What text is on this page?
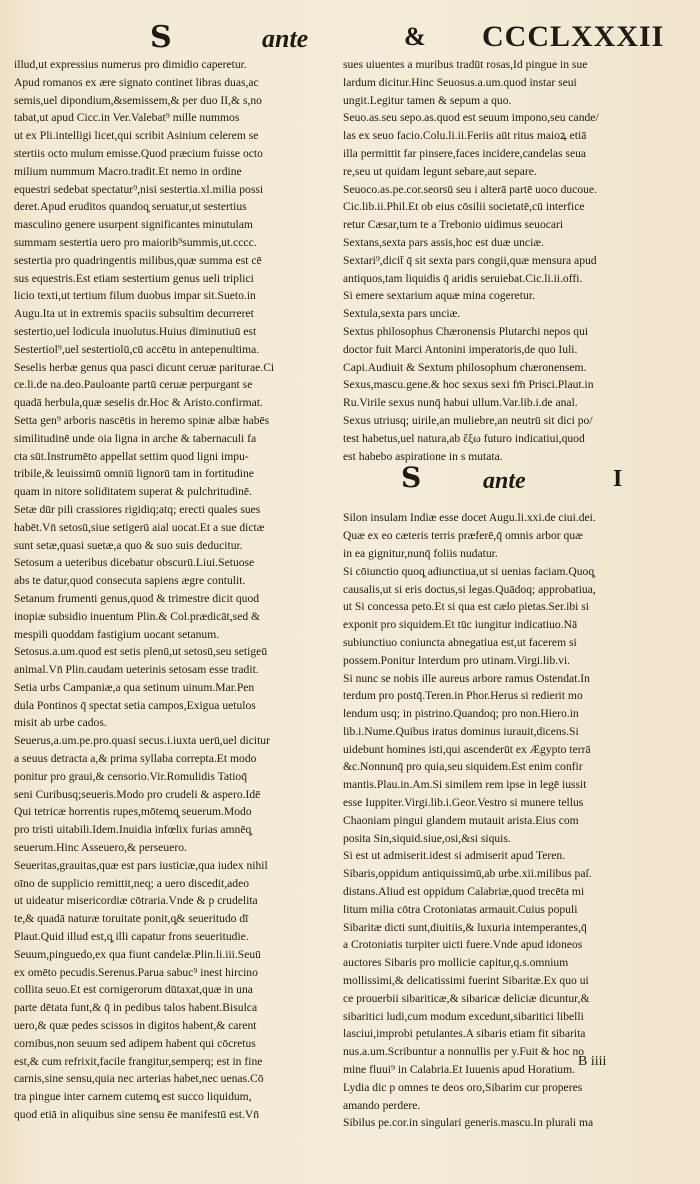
S	ante	& CCCLXXXII
illud,ut expressius numerus pro dimidio caperetur.
Apud romanos ex ære signato continet libras duas,ac
semis,uel dipondium,&semissem,& per duo II,& s,no
tabat,ut apud Cicc.in Ver.Valebat⁹ mille nummos
ut ex Pli.intelligi licet,qui scribit Asinium celerem se
stertiis octo mulum emisse.Quod præcium fuisse octo
milium nummum Macro.tradit.Et nemo in ordine
equestri sedebat spectatur⁹,nisi sestertia.xl.milia possi
deret.Apud eruditos quandoq̧ seruatur,ut sestertius
masculino genere usurpent significantes minutulam
summam sestertia uero pro maiorib⁹summis,ut.cccc.
sestertia pro quadringentis milibus,quæ summa est cē
sus equestris.Est etiam sestertium genus ueli triplici
licio texti,ut tertium filum duobus impar sit.Sueto.in
Augu.Ita ut in extremis spaciis subsultim decurreret
sestertio,uel lodicula inuolutus.Huius diminutiuū est
Sestertiol⁹,uel sestertiolū,cū accētu in antepenultima.
Seselis herbæ genus qua pasci dicunt ceruæ pariturae.Ci
ce.li.de na.deo.Pauloante partū ceruæ perpurgant se
quadā herbula,quæ seselis dr.Hoc & Aristo.confirmat.
Setta gen⁹ arboris nascētis in heremo spinæ albæ habēs
similitudinē unde oia ligna in arche & tabernaculi fa
cta sūt.Instrumēto appellat settim quod ligni impu-
tribile,& leuissimū omniū lignorū tam in fortitudine
quam in nitore soliditatem superat & pulchritudinē.
Setæ dūr pili crassiores rigidiq;atq; erecti quales sues
habēt.Vn̄ setosū,siue setigerū aial uocat.Et a sue dictæ
sunt setæ,quasi suetæ,a quo & suo suis deducitur.
Setosum a ueteribus dicebatur obscurū.Liui.Setuose
abs te datur,quod consecuta sapiens ægre contulit.
Setanum frumenti genus,quod & trimestre dicit quod
inopiæ subsidio inuentum Plin.& Col.prædicāt,sed &
mespili quoddam fastigium uocant setanum.
Setosus.a.um.quod est setis plenū,ut setosū,seu setigeū
animal.Vn̄ Plin.caudam ueterinis setosam esse tradit.
Setia urbs Campaniæ,a qua setinum uinum.Mar.Pen
dula Pontinos q̄ spectat setia campos,Exigua uetulos
misit ab urbe cados.
Seuerus,a.um.pe.pro.quasi secus.i.iuxta uerū,uel dicitur
a seuus detracta a,& prima syllaba correpta.Et modo
ponitur pro graui,& censorio.Vir.Romulidis Tatioq̄
seni Curibusq;seueris.Modo pro crudeli & aspero.Idē
Qui tetricæ horrentis rupes,mōtemq̧ seuerum.Modo
pro tristi uitabili.Idem.Inuidia infœlix furias amnēq̧
seuerum.Hinc Asseuero,& perseuero.
Seueritas,grauitas,quæ est pars iusticiæ,qua iudex nihil
oīno de supplicio remittit,neq; a uero discedit,adeo
ut uideatur misericordiæ cōtraria.Vnde & p crudelita
te,& quadā naturæ toruitate ponit,q̧& seueritudo dī
Plaut.Quid illud est,q̧ illi capatur frons seueritudie.
Seuum,pinguedo,ex qua fiunt candelæ.Plin.li.iii.Seuū
ex omēto pecudis.Serenus.Parua sabuc⁹ inest hircino
collita seuo.Et est cornigerorum dūtaxat,quæ in una
parte dētata funt,& q̄ in pedibus talos habent.Bisulca
uero,& quæ pedes scissos in digitos habent,& carent
cornibus,non seuum sed adipem habent qui cōcretus
est,& cum refrixit,facile frangitur,semperq; est in fine
carnis,sine sensu,quia nec arterias habet,nec uenas.Cō
tra pingue inter carnem cutemq̧ est succo liquidum,
quod etiā in aliquibus sine sensu ēe manifestū est.Vn̄
sues uiuentes a muribus tradūt rosas,Id pingue in sue
lardum dicitur.Hinc Seuosus.a.um.quod instar seui
ungit.Legitur tamen & sepum a quo.
Seuo.as.seu sepo.as.quod est seuum impono,seu cande/
las ex seuo facio.Colu.li.ii.Feriis aūt ritus maioꝝ etiā
illa permittit far pinsere,faces incidere,candelas seua
re,seu ut quidam legunt sebare,aut separe.
Seuoco.as.pe.cor.seorsū seu i alterā partē uoco ducoue.
Cic.lib.ii.Phil.Et ob eius cōsilii societatē,cū interfice
retur Cæsar,tum te a Trebonio uidimus seuocari
Sextans,sexta pars assis,hoc est duæ unciæ.
Sextari⁹,dicit̄ q̄ sit sexta pars congii,quæ mensura apud
antiquos,tam liquidis q̄ aridis seruiebat.Cic.li.ii.offi.
Si emere sextarium aquæ mina cogeretur.
Sextula,sexta pars unciæ.
Sextus philosophus Chæronensis Plutarchi nepos qui
doctor fuit Marci Antonini imperatoris,de quo Iuli.
Capi.Audiuit & Sextum philosophum chæronensem.
Sexus,mascu.gene.& hoc sexus sexi fm̄ Prisci.Plaut.in
Ru.Virile sexus nunq̄ habui ullum.Var.lib.i.de anal.
Sexus utriusq; uirile,an muliebre,an neutrū sit dici po/
test habetus,uel natura,ab ἕξω futuro indicatiui,quod
est habebo aspiratione in s mutata.
S	ante	I
Silon insulam Indiæ esse docet Augu.li.xxi.de ciui.dei.
Quæ ex eo cæteris terris præferē,q̄ omnis arbor quæ
in ea gignitur,nunq̄ foliis nudatur.
Si cōiunctio quoq̧ adiunctiua,ut si uenias faciam.Quoq̧
causalis,ut si eris doctus,si legas.Quādoq; approbatiua,
ut Si concessa peto.Et si qua est cælo pietas.Ser.ibi si
exponit pro siquidem.Et tūc iungitur indicatiuo.Nā
subiunctiuo coniuncta abnegatiua est,ut facerem si
possem.Ponitur Interdum pro utinam.Virgi.lib.vi.
Si nunc se nobis ille aureus arbore ramus Ostendat.In
terdum pro postq̄.Teren.in Phor.Herus si redierit mo
lendum usq; in pistrino.Quandoq; pro non.Hiero.in
lib.i.Nume.Quibus iratus dominus iurauit,dicens.Si
uidebunt homines isti,qui ascenderūt ex Ægypto terrā
&c.Nonnunq̄ pro quia,seu siquidem.Est enim confir
mantis.Plau.in.Am.Si similem rem ipse in legē iussit
esse Iuppiter.Virgi.lib.i.Geor.Vestro si munere tellus
Chaoniam pingui glandem mutauit arista.Eius com
posita Sin,siquid.siue,osi,&si siquis.
Si est ut admiserit.idest si admiserit apud Teren.
Sibaris,oppidum antiquissimū,ab urbe.xii.milibus paſ.
distans.Aliud est oppidum Calabriæ,quod trecēta mi
litum milia cōtra Crotoniatas armauit.Cuius populi
Sibaritæ dicti sunt,diuitiis,& luxuria intemperantes,q̄
a Crotoniatis turpiter uicti fuere.Vnde apud idoneos
auctores Sibaris pro mollicie capitur,q.s.omnium
mollissimi,& delicatissimi fuerint Sibaritæ.Ex quo ui
ce prouerbii sibariticæ,& sibaricæ deliciæ dicuntur,&
sibaritici ludi,cum modum excedunt,sibaritici libelli
lasciui,improbi petulantes.A sibaris etiam fit sibarita
nus.a.um.Scribuntur a nonnullis per y.Fuit & hoc no
mine fluui⁹ in Calabria.Et Iuuenis apud Horatium.
Lydia dic p omnes te deos oro,Sibarim cur properes
amando perdere.
Sibilus pe.cor.in singulari generis.mascu.In plurali ma
B iiii
